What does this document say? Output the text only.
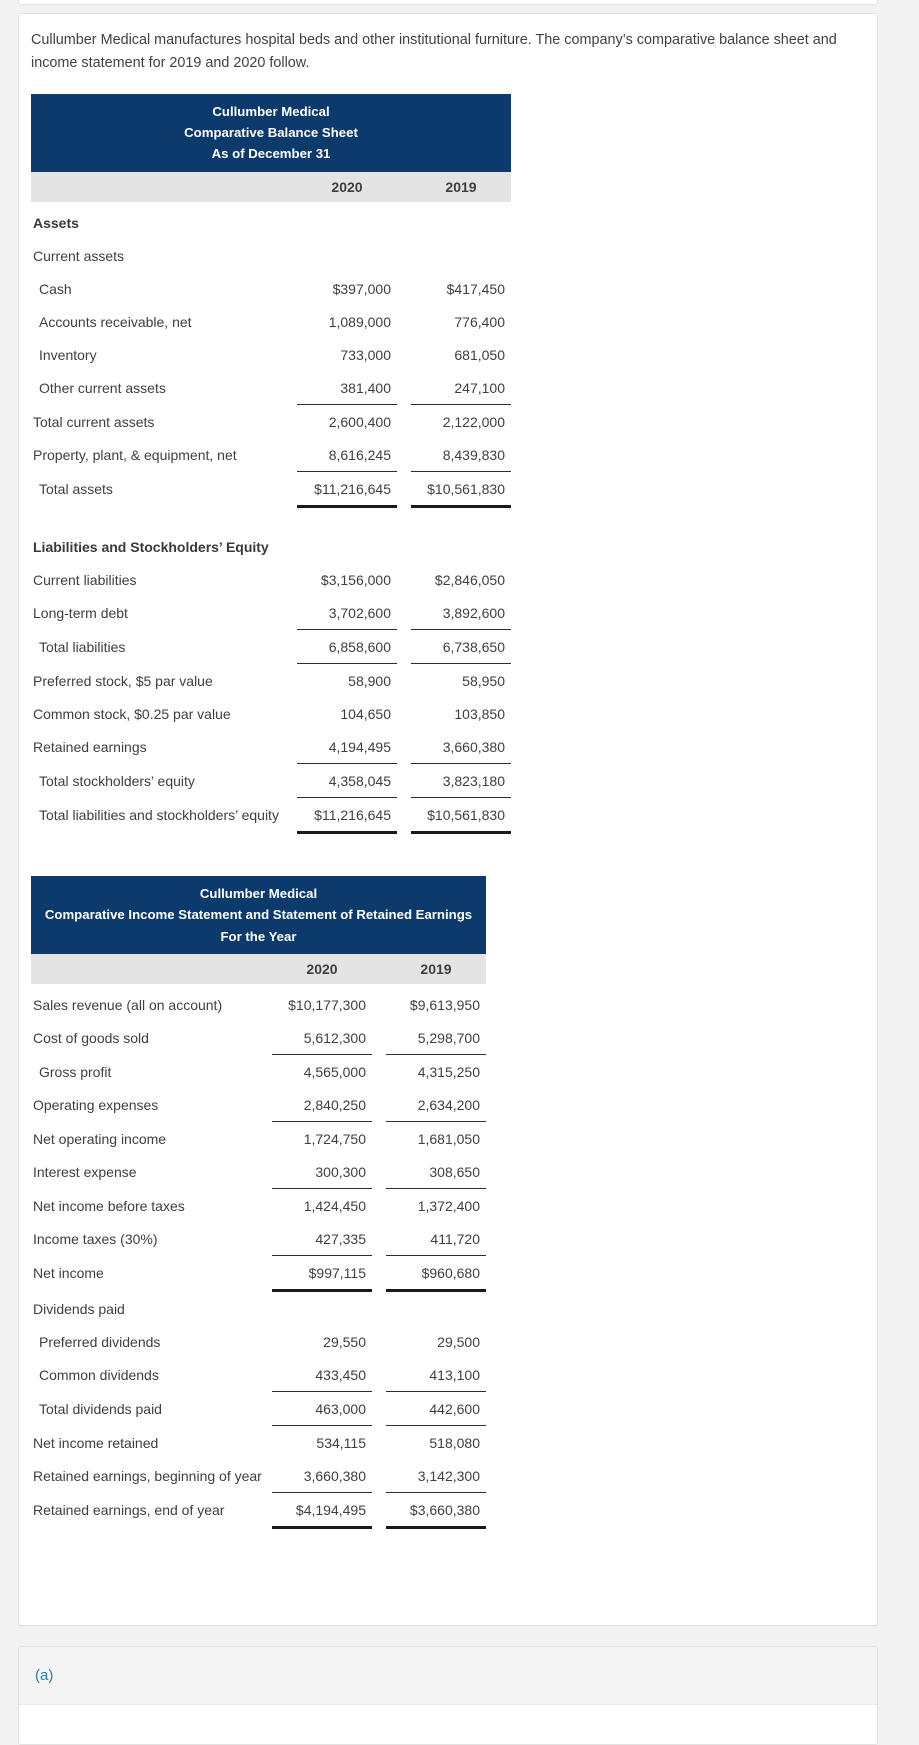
Cullumber Medical manufactures hospital beds and other institutional furniture. The company’s comparative balance sheet and income statement for 2019 and 2020 follow.

Cullumber Medical
Comparative Balance Sheet
As of December 31
2020	2019
Assets
Current assets
Cash	$397,000	$417,450
Accounts receivable, net	1,089,000	776,400
Inventory	733,000	681,050
Other current assets	381,400	247,100
Total current assets	2,600,400	2,122,000
Property, plant, & equipment, net	8,616,245	8,439,830
Total assets	$11,216,645	$10,561,830
Liabilities and Stockholders’ Equity
Current liabilities	$3,156,000	$2,846,050
Long-term debt	3,702,600	3,892,600
Total liabilities	6,858,600	6,738,650
Preferred stock, $5 par value	58,900	58,950
Common stock, $0.25 par value	104,650	103,850
Retained earnings	4,194,495	3,660,380
Total stockholders’ equity	4,358,045	3,823,180
Total liabilities and stockholders’ equity	$11,216,645	$10,561,830
Cullumber Medical
Comparative Income Statement and Statement of Retained Earnings
For the Year
2020	2019
Sales revenue (all on account)	$10,177,300	$9,613,950
Cost of goods sold	5,612,300	5,298,700
Gross profit	4,565,000	4,315,250
Operating expenses	2,840,250	2,634,200
Net operating income	1,724,750	1,681,050
Interest expense	300,300	308,650
Net income before taxes	1,424,450	1,372,400
Income taxes (30%)	427,335	411,720
Net income	$997,115	$960,680
Dividends paid
Preferred dividends	29,550	29,500
Common dividends	433,450	413,100
Total dividends paid	463,000	442,600
Net income retained	534,115	518,080
Retained earnings, beginning of year	3,660,380	3,142,300
Retained earnings, end of year	$4,194,495	$3,660,380
(a)
